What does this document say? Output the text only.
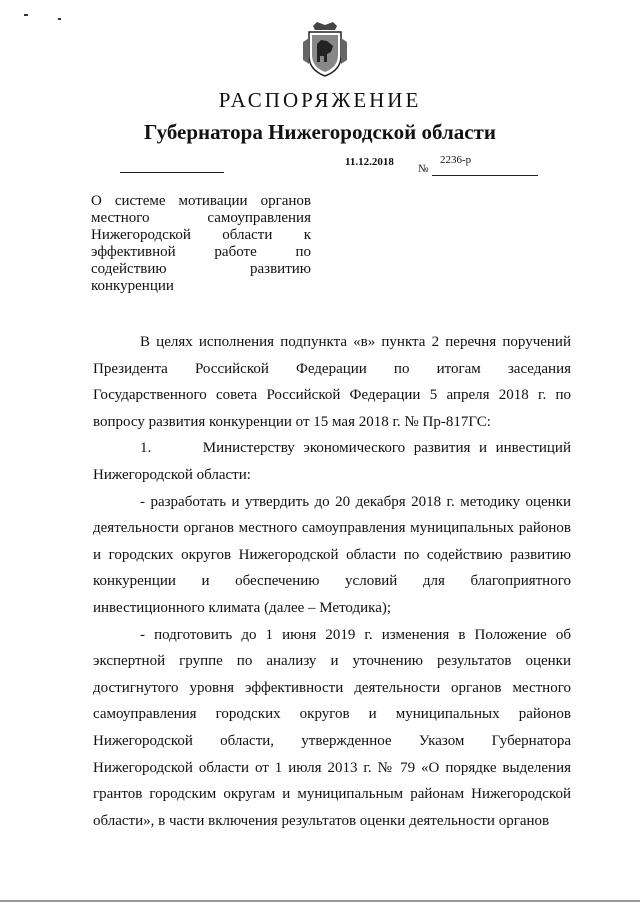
РАСПОРЯЖЕНИЕ
Губернатора Нижегородской области
11.12.2018
№
2236-р
О системе мотивации органов местного самоуправления Нижегородской области к эффективной работе по содействию развитию конкуренции

В целях исполнения подпункта «в» пункта 2 перечня поручений Президента Российской Федерации по итогам заседания Государственного совета Российской Федерации 5 апреля 2018 г. по вопросу развития конкуренции от 15 мая 2018 г. № Пр-817ГС:

1.      Министерству экономического развития и инвестиций Нижегородской области:

- разработать и утвердить до 20 декабря 2018 г. методику оценки деятельности органов местного самоуправления муниципальных районов и городских округов Нижегородской области по содействию развитию конкуренции и обеспечению условий для благоприятного инвестиционного климата (далее – Методика);

- подготовить до 1 июня 2019 г. изменения в Положение об экспертной группе по анализу и уточнению результатов оценки достигнутого уровня эффективности деятельности органов местного самоуправления городских округов и муниципальных районов Нижегородской области, утвержденное Указом Губернатора Нижегородской области от 1 июля 2013 г. № 79 «О порядке выделения грантов городским округам и муниципальным районам Нижегородской области», в части включения результатов оценки деятельности органов
